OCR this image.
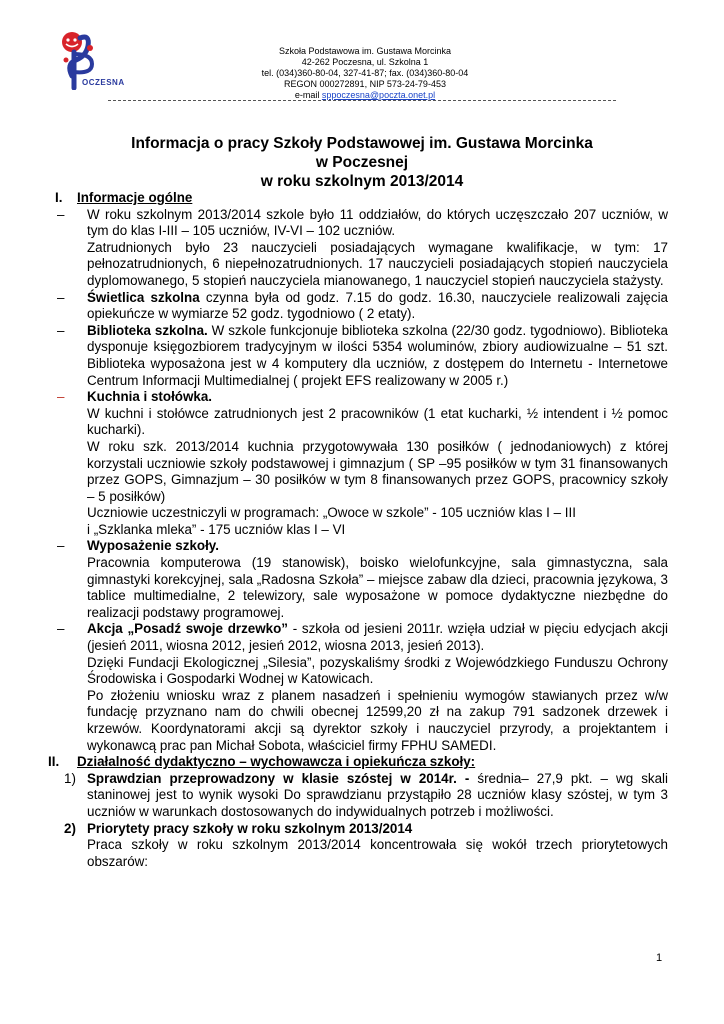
OCZESNA
Szkoła Podstawowa im. Gustawa Morcinka
42-262 Poczesna, ul. Szkolna 1
tel. (034)360-80-04, 327-41-87; fax. (034)360-80-04
REGON 000272891, NIP 573-24-79-453
e-mail sppoczesna@poczta.onet.pl
Informacja o pracy Szkoły Podstawowej im. Gustawa Morcinka
w Poczesnej
w roku szkolnym 2013/2014
I.	Informacje ogólne
– W roku szkolnym 2013/2014 szkole było 11 oddziałów, do których uczęszczało 207 uczniów, w tym do klas I-III – 105 uczniów, IV-VI – 102 uczniów.

Zatrudnionych było 23 nauczycieli posiadających wymagane kwalifikacje, w tym: 17 pełnozatrudnionych, 6 niepełnozatrudnionych. 17 nauczycieli posiadających stopień nauczyciela dyplomowanego, 5 stopień nauczyciela mianowanego, 1 nauczyciel stopień nauczyciela stażysty.

– Świetlica szkolna czynna była od godz. 7.15 do godz. 16.30, nauczyciele realizowali zajęcia opiekuńcze w wymiarze 52 godz. tygodniowo ( 2 etaty).

– Biblioteka szkolna. W szkole funkcjonuje biblioteka szkolna (22/30 godz. tygodniowo). Biblioteka dysponuje księgozbiorem tradycyjnym w ilości 5354 woluminów, zbiory audiowizualne – 51 szt. Biblioteka wyposażona jest w 4 komputery dla uczniów, z dostępem do Internetu - Internetowe Centrum Informacji Multimedialnej ( projekt EFS realizowany w 2005 r.)

– Kuchnia i stołówka.

W kuchni i stołówce zatrudnionych jest 2 pracowników (1 etat kucharki, ½ intendent i ½ pomoc kucharki).

W roku szk. 2013/2014 kuchnia przygotowywała 130 posiłków ( jednodaniowych) z której korzystali uczniowie szkoły podstawowej i gimnazjum ( SP –95 posiłków w tym 31 finansowanych przez GOPS, Gimnazjum – 30 posiłków w tym 8 finansowanych przez GOPS, pracownicy szkoły – 5 posiłków)

Uczniowie uczestniczyli w programach: „Owoce w szkole” - 105 uczniów klas I – III

i „Szklanka mleka” - 175 uczniów klas I – VI

– Wyposażenie szkoły.

Pracownia komputerowa (19 stanowisk), boisko wielofunkcyjne, sala gimnastyczna, sala gimnastyki korekcyjnej, sala „Radosna Szkoła” – miejsce zabaw dla dzieci, pracownia językowa, 3 tablice multimedialne, 2 telewizory, sale wyposażone w pomoce dydaktyczne niezbędne do realizacji podstawy programowej.

– Akcja „Posadź swoje drzewko” - szkoła od jesieni 2011r. wzięła udział w pięciu edycjach akcji (jesień 2011, wiosna 2012, jesień 2012, wiosna 2013, jesień 2013).

Dzięki Fundacji Ekologicznej „Silesia”, pozyskaliśmy środki z Wojewódzkiego Funduszu Ochrony Środowiska i Gospodarki Wodnej w Katowicach.

Po złożeniu wniosku wraz z planem nasadzeń i spełnieniu wymogów stawianych przez w/w fundację przyznano nam do chwili obecnej 12599,20 zł na zakup 791 sadzonek drzewek i krzewów. Koordynatorami akcji są dyrektor szkoły i nauczyciel przyrody, a projektantem i wykonawcą prac pan Michał Sobota, właściciel firmy FPHU SAMEDI.

II.	Działalność dydaktyczno – wychowawcza i opiekuńcza szkoły:
1) Sprawdzian przeprowadzony w klasie szóstej w 2014r. - średnia– 27,9 pkt. – wg skali staninowej jest to wynik wysoki Do sprawdzianu przystąpiło 28 uczniów klasy szóstej, w tym 3 uczniów w warunkach dostosowanych do indywidualnych potrzeb i możliwości.

2) Priorytety pracy szkoły w roku szkolnym 2013/2014

Praca szkoły w roku szkolnym 2013/2014 koncentrowała się wokół trzech priorytetowych obszarów:

1
